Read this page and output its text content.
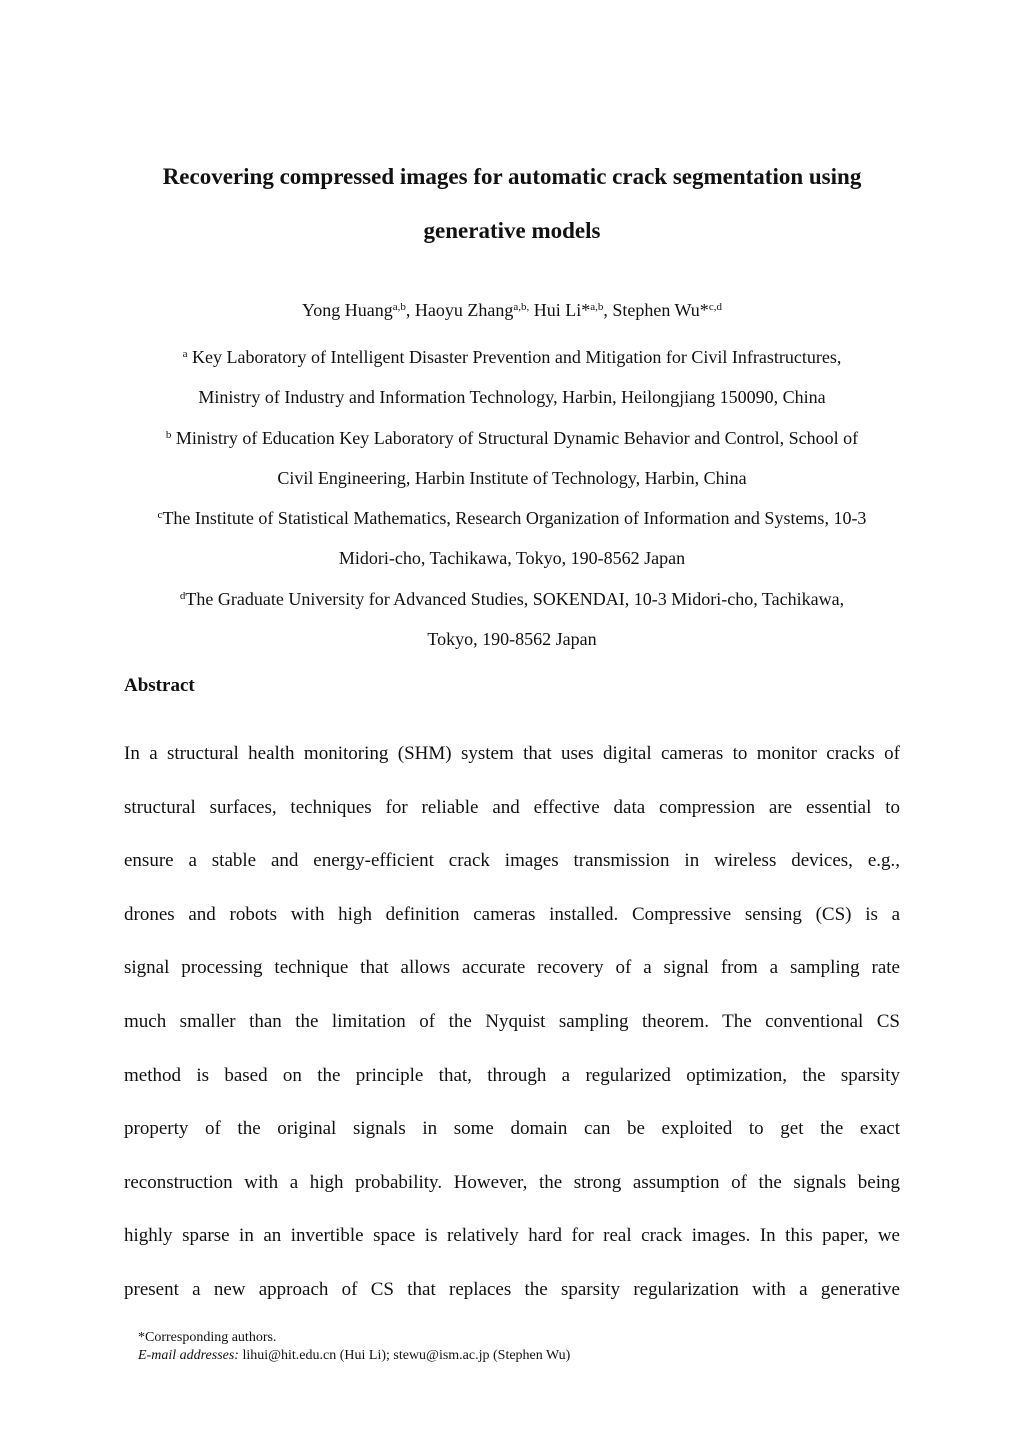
Recovering compressed images for automatic crack segmentation using
generative models
Yong Huang$^{a,b}$, Haoyu Zhang$^{a,b,}$ Hui Li*$^{a,b}$, Stephen Wu*$^{c,d}$
$^a$ Key Laboratory of Intelligent Disaster Prevention and Mitigation for Civil Infrastructures,
Ministry of Industry and Information Technology, Harbin, Heilongjiang 150090, China
$^b$ Ministry of Education Key Laboratory of Structural Dynamic Behavior and Control, School of
Civil Engineering, Harbin Institute of Technology, Harbin, China
$^c$The Institute of Statistical Mathematics, Research Organization of Information and Systems, 10-3
Midori-cho, Tachikawa, Tokyo, 190-8562 Japan
$^d$The Graduate University for Advanced Studies, SOKENDAI, 10-3 Midori-cho, Tachikawa,
Tokyo, 190-8562 Japan
Abstract
In a structural health monitoring (SHM) system that uses digital cameras to monitor cracks of
structural surfaces, techniques for reliable and effective data compression are essential to
ensure a stable and energy-efficient crack images transmission in wireless devices, e.g.,
drones and robots with high definition cameras installed. Compressive sensing (CS) is a
signal processing technique that allows accurate recovery of a signal from a sampling rate
much smaller than the limitation of the Nyquist sampling theorem. The conventional CS
method is based on the principle that, through a regularized optimization, the sparsity
property of the original signals in some domain can be exploited to get the exact
reconstruction with a high probability. However, the strong assumption of the signals being
highly sparse in an invertible space is relatively hard for real crack images. In this paper, we
present a new approach of CS that replaces the sparsity regularization with a generative
*Corresponding authors.
E-mail addresses: lihui@hit.edu.cn (Hui Li); stewu@ism.ac.jp (Stephen Wu)
